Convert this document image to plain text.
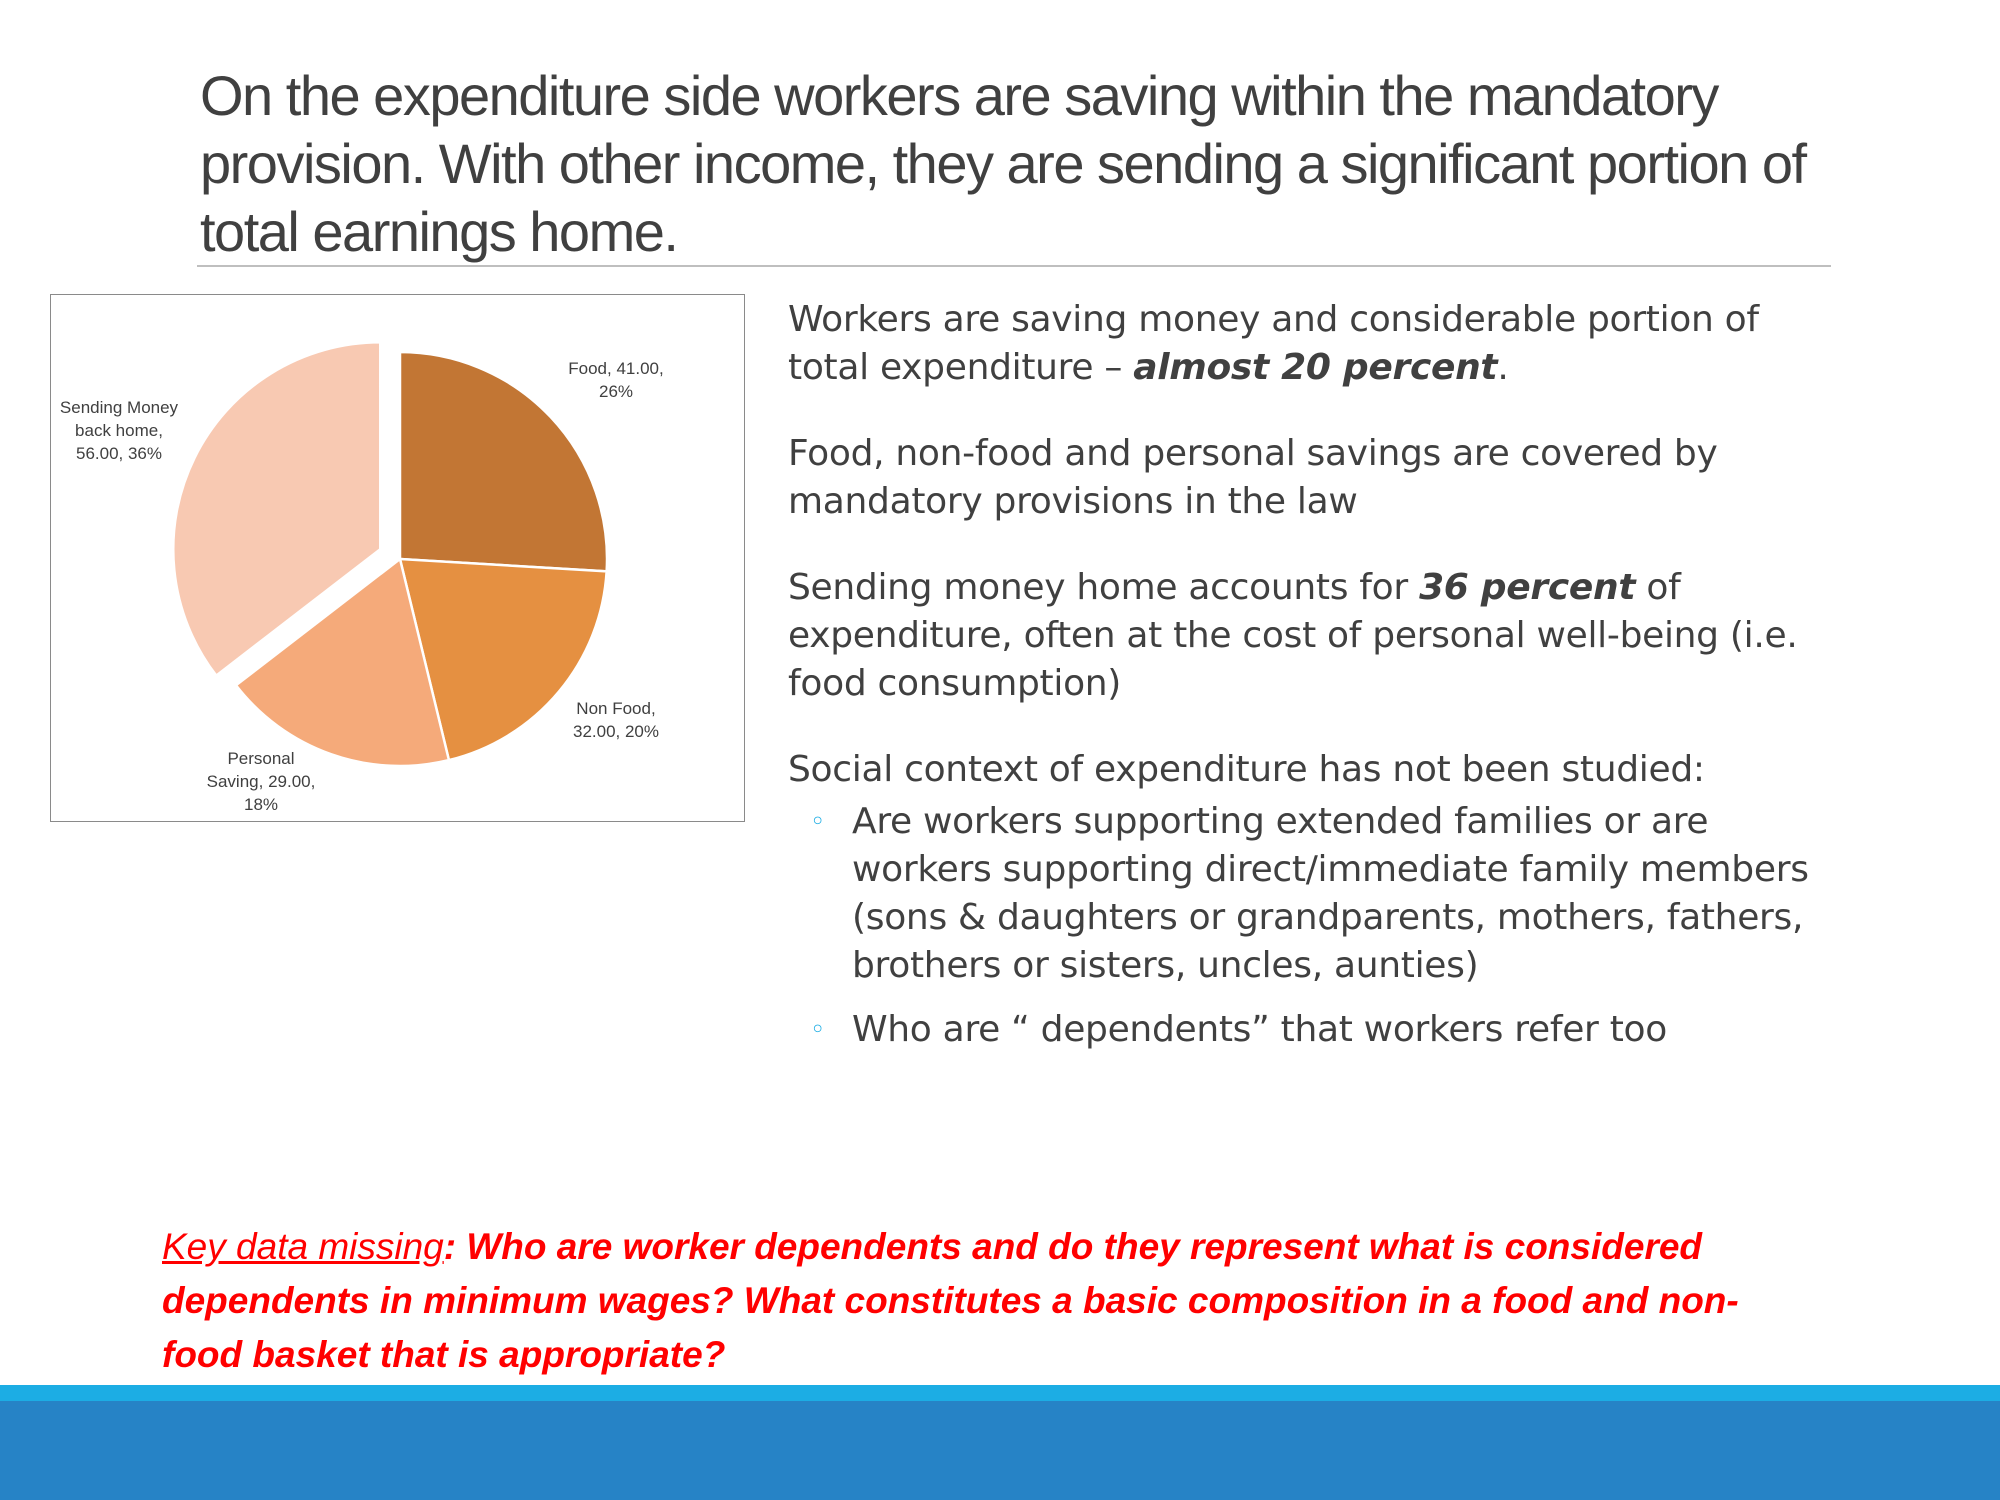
On the expenditure side workers are saving within the mandatory provision. With other income, they are sending a significant portion of total earnings home.
Food, 41.00, 26%
Non Food, 32.00, 20%
Personal Saving, 29.00, 18%
Sending Money back home, 56.00, 36%

Workers are saving money and considerable portion of total expenditure – almost 20 percent.

Food, non-food and personal savings are covered by mandatory provisions in the law

Sending money home accounts for 36 percent of expenditure, often at the cost of personal well-being (i.e. food consumption)

Social context of expenditure has not been studied:

◦ Are workers supporting extended families or are workers supporting direct/immediate family members (sons & daughters or grandparents, mothers, fathers, brothers or sisters, uncles, aunties)
◦ Who are “ dependents” that workers refer too
Key data missing: Who are worker dependents and do they represent what is considered dependents in minimum wages? What constitutes a basic composition in a food and non-food basket that is appropriate?
